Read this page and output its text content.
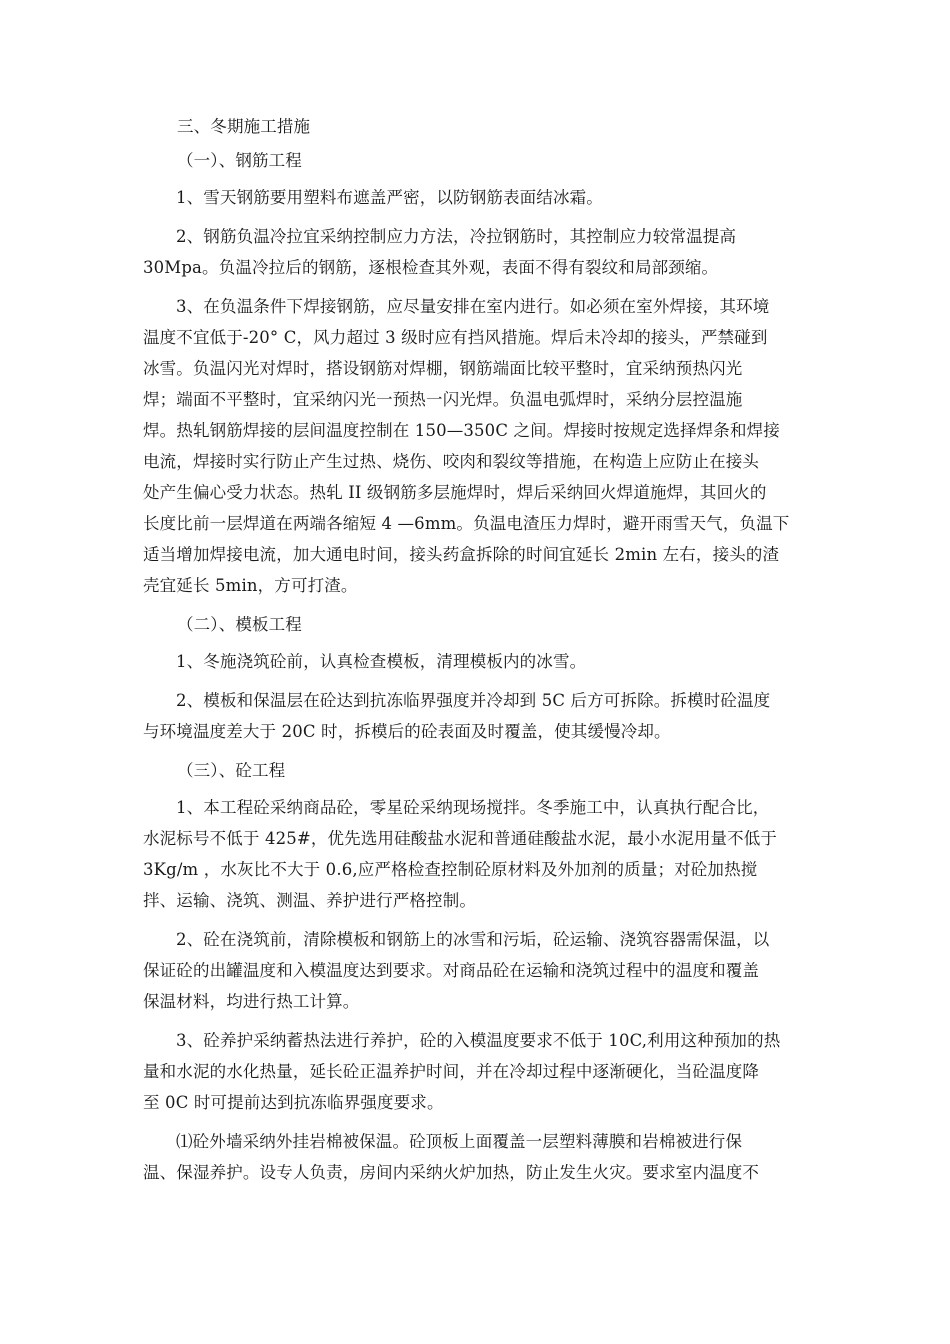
三、冬期施工措施
（一）、钢筋工程
1、雪天钢筋要用塑料布遮盖严密，以防钢筋表面结冰霜。
2、钢筋负温冷拉宜采纳控制应力方法，冷拉钢筋时，其控制应力较常温提高
30Mpa。负温冷拉后的钢筋，逐根检查其外观，表面不得有裂纹和局部颈缩。
3、在负温条件下焊接钢筋，应尽量安排在室内进行。如必须在室外焊接，其环境
温度不宜低于-20° C，风力超过 3 级时应有挡风措施。焊后未冷却的接头，严禁碰到
冰雪。负温闪光对焊时，搭设钢筋对焊棚，钢筋端面比较平整时，宜采纳预热闪光
焊；端面不平整时，宜采纳闪光一预热一闪光焊。负温电弧焊时，采纳分层控温施
焊。热轧钢筋焊接的层间温度控制在 150—350C 之间。焊接时按规定选择焊条和焊接
电流，焊接时实行防止产生过热、烧伤、咬肉和裂纹等措施，在构造上应防止在接头
处产生偏心受力状态。热轧 II 级钢筋多层施焊时，焊后采纳回火焊道施焊，其回火的
长度比前一层焊道在两端各缩短 4 —6mm。负温电渣压力焊时，避开雨雪天气，负温下
适当增加焊接电流，加大通电时间，接头药盒拆除的时间宜延长 2min 左右，接头的渣
壳宜延长 5min，方可打渣。
（二）、模板工程
1、冬施浇筑砼前，认真检查模板，清理模板内的冰雪。
2、模板和保温层在砼达到抗冻临界强度并冷却到 5C 后方可拆除。拆模时砼温度
与环境温度差大于 20C 时，拆模后的砼表面及时覆盖，使其缓慢冷却。
（三）、砼工程
1、本工程砼采纳商品砼，零星砼采纳现场搅拌。冬季施工中，认真执行配合比，
水泥标号不低于 425#，优先选用硅酸盐水泥和普通硅酸盐水泥，最小水泥用量不低于
3Kg/m ，水灰比不大于 0.6,应严格检查控制砼原材料及外加剂的质量；对砼加热搅
拌、运输、浇筑、测温、养护进行严格控制。
2、砼在浇筑前，清除模板和钢筋上的冰雪和污垢，砼运输、浇筑容器需保温，以
保证砼的出罐温度和入模温度达到要求。对商品砼在运输和浇筑过程中的温度和覆盖
保温材料，均进行热工计算。
3、砼养护采纳蓄热法进行养护，砼的入模温度要求不低于 10C,利用这种预加的热
量和水泥的水化热量，延长砼正温养护时间，并在冷却过程中逐渐硬化，当砼温度降
至 0C 时可提前达到抗冻临界强度要求。
⑴砼外墙采纳外挂岩棉被保温。砼顶板上面覆盖一层塑料薄膜和岩棉被进行保
温、保湿养护。设专人负责，房间内采纳火炉加热，防止发生火灾。要求室内温度不
